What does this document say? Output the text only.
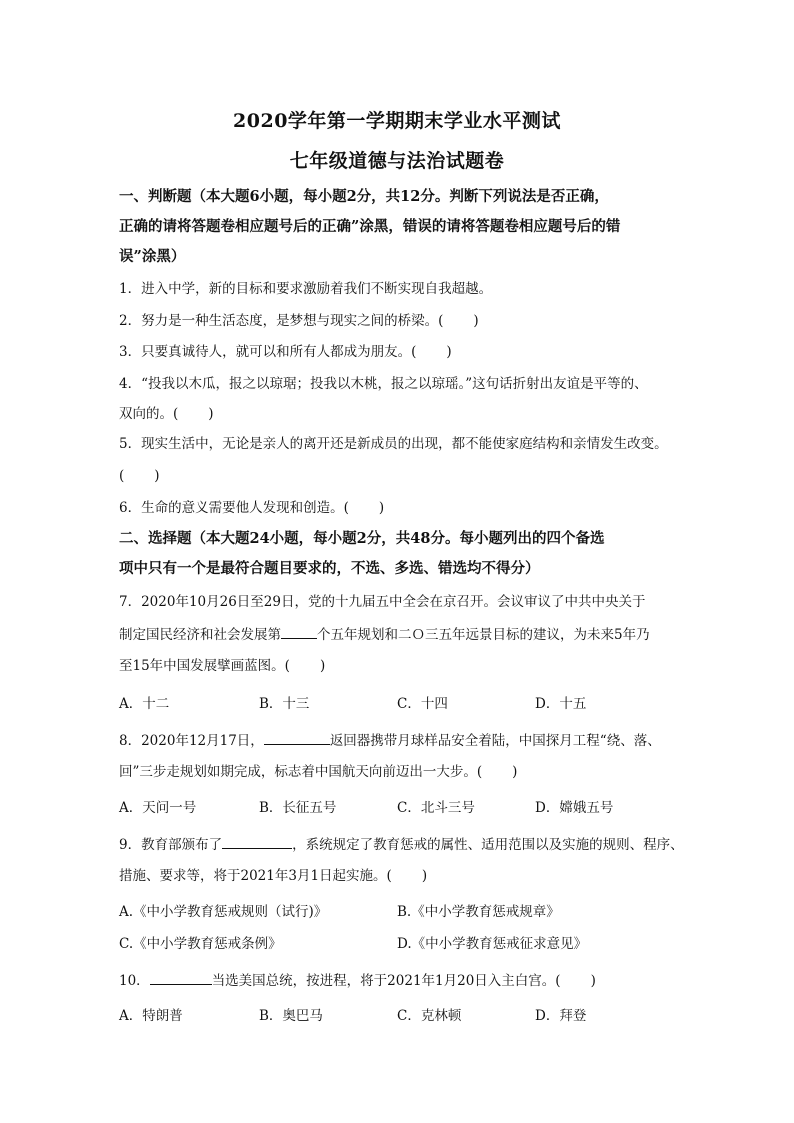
2020学年第一学期期末学业水平测试
七年级道德与法治试题卷
一、判断题（本大题6小题，每小题2分，共12分。判断下列说法是否正确，
正确的请将答题卷相应题号后的正确”涂黑，错误的请将答题卷相应题号后的错
误”涂黑）
1．进入中学，新的目标和要求激励着我们不断实现自我超越。
2．努力是一种生活态度，是梦想与现实之间的桥梁。( )
3．只要真诚待人，就可以和所有人都成为朋友。( )
4．“投我以木瓜，报之以琼琚；投我以木桃，报之以琼瑶。”这句话折射出友谊是平等的、
双向的。( )
5．现实生活中，无论是亲人的离开还是新成员的出现，都不能使家庭结构和亲情发生改变。
( )
6．生命的意义需要他人发现和创造。( )
二、选择题（本大题24小题，每小题2分，共48分。每小题列出的四个备选
项中只有一个是最符合题目要求的，不选、多选、错选均不得分）
7．2020年10月26日至29日，党的十九届五中全会在京召开。会议审议了中共中央关于
制定国民经济和社会发展第	个五年规划和二Ｏ三五年远景目标的建议，为未来5年乃
至15年中国发展擘画蓝图。( )
A．十二	B．十三	C．十四	D．十五
8．2020年12月17日，	返回器携带月球样品安全着陆，中国探月工程“绕、落、
回”三步走规划如期完成，标志着中国航天向前迈出一大步。( )
A．天问一号	B．长征五号	C．北斗三号	D．嫦娥五号
9．教育部颁布了	，系统规定了教育惩戒的属性、适用范围以及实施的规则、程序、
措施、要求等，将于2021年3月1日起实施。( )
A.《中小学教育惩戒规则（试行)》	B.《中小学教育惩戒规章》
C.《中小学教育惩戒条例》	D.《中小学教育惩戒征求意见》
10．	当选美国总统，按进程，将于2021年1月20日入主白宫。( )
A．特朗普	B．奥巴马	C．克林顿	D．拜登
